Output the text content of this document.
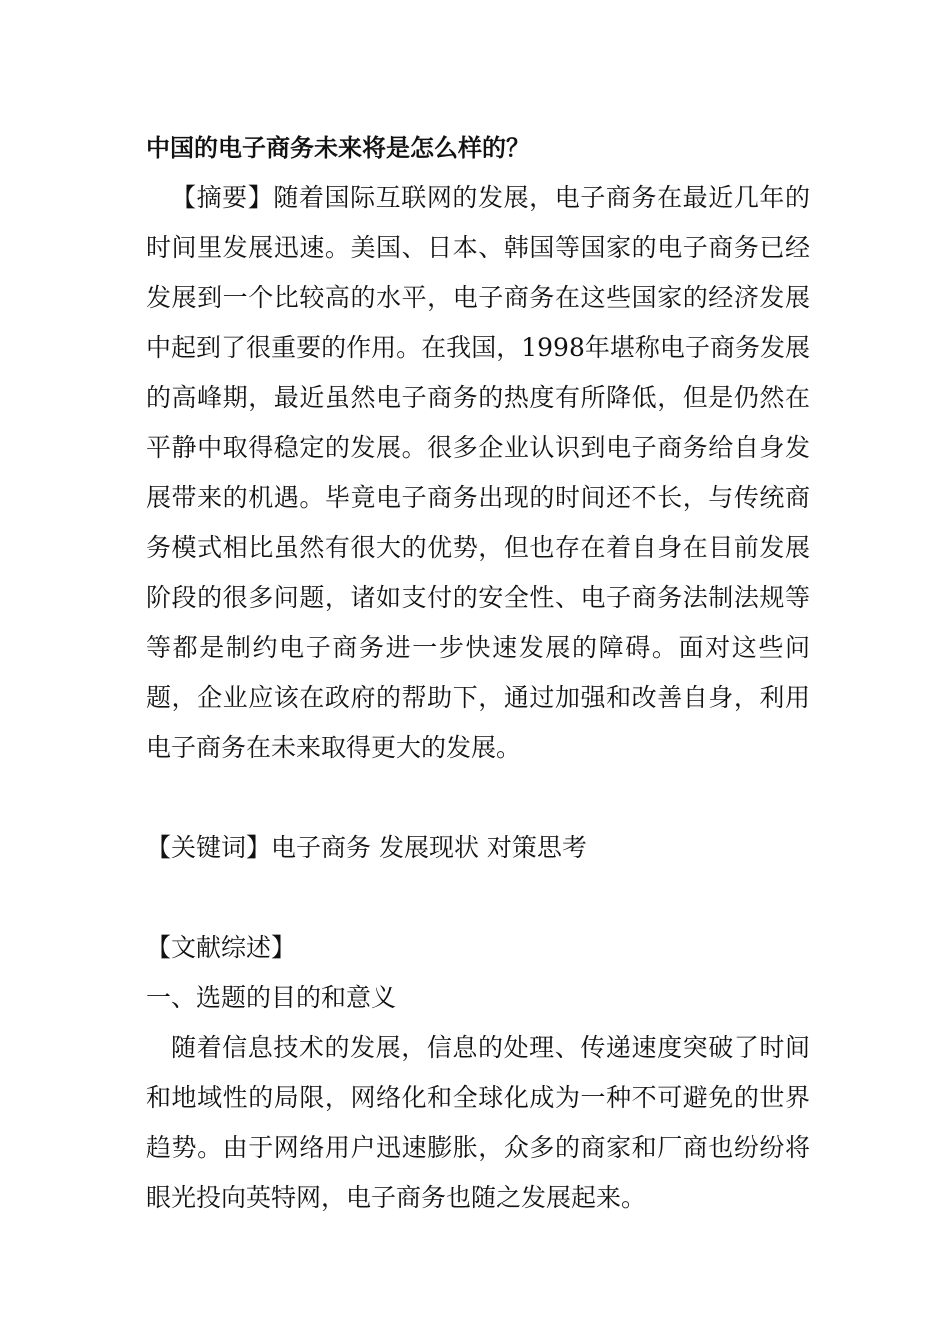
中国的电子商务未来将是怎么样的？

【摘要】随着国际互联网的发展，电子商务在最近几年的时间里发展迅速。美国、日本、韩国等国家的电子商务已经发展到一个比较高的水平，电子商务在这些国家的经济发展中起到了很重要的作用。在我国，1998年堪称电子商务发展的高峰期，最近虽然电子商务的热度有所降低，但是仍然在平静中取得稳定的发展。很多企业认识到电子商务给自身发展带来的机遇。毕竟电子商务出现的时间还不长，与传统商务模式相比虽然有很大的优势，但也存在着自身在目前发展阶段的很多问题，诸如支付的安全性、电子商务法制法规等等都是制约电子商务进一步快速发展的障碍。面对这些问题，企业应该在政府的帮助下，通过加强和改善自身，利用电子商务在未来取得更大的发展。

【关键词】电子商务 发展现状 对策思考

【文献综述】

一、选题的目的和意义

随着信息技术的发展，信息的处理、传递速度突破了时间和地域性的局限，网络化和全球化成为一种不可避免的世界趋势。由于网络用户迅速膨胀，众多的商家和厂商也纷纷将眼光投向英特网，电子商务也随之发展起来。
